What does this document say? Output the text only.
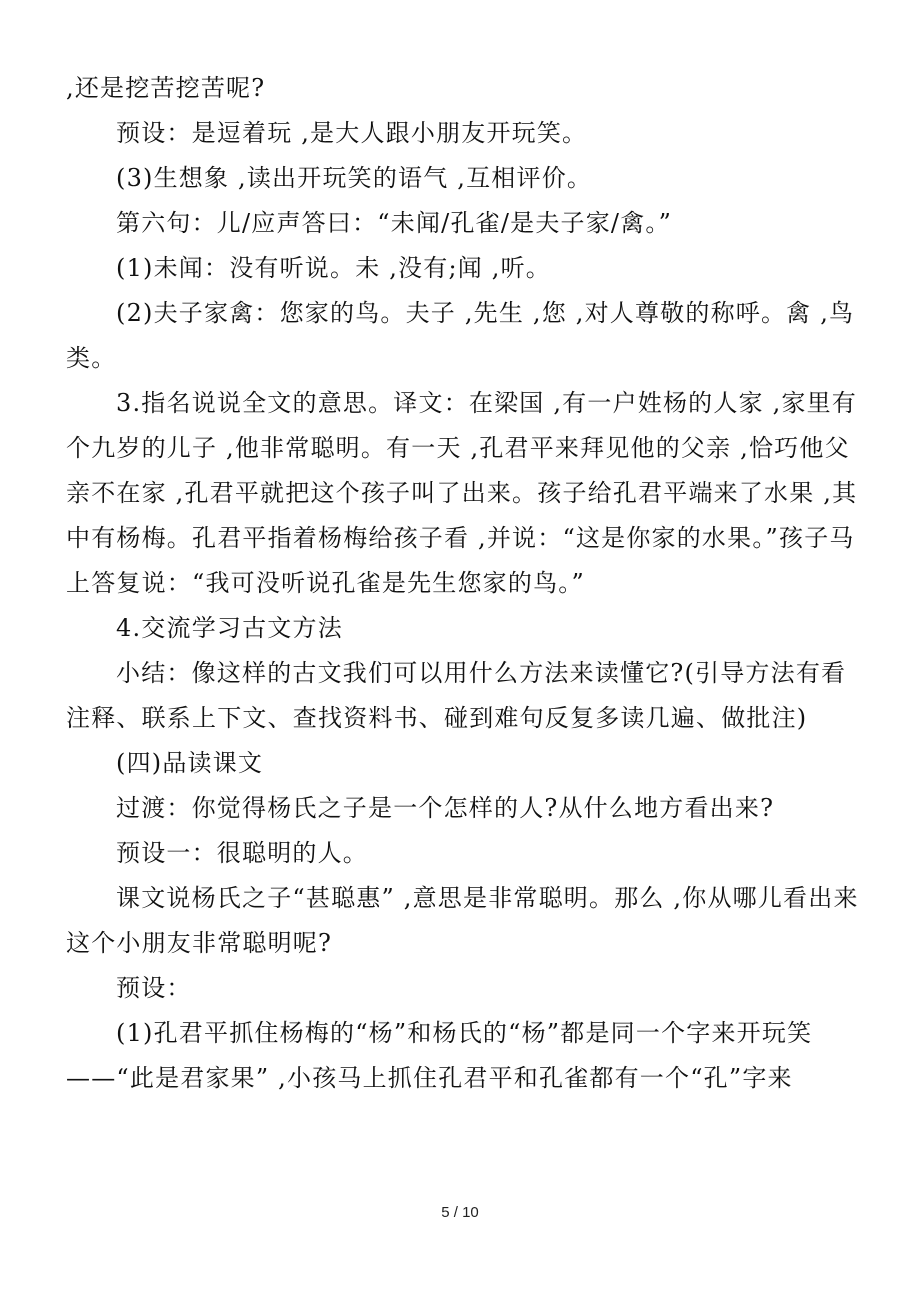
,还是挖苦挖苦呢?

预设：是逗着玩 ,是大人跟小朋友开玩笑。

(3)生想象 ,读出开玩笑的语气 ,互相评价。

第六句：儿/应声答曰：“未闻/孔雀/是夫子家/禽。”

(1)未闻：没有听说。未 ,没有;闻 ,听。

(2)夫子家禽：您家的鸟。夫子 ,先生 ,您 ,对人尊敬的称呼。禽 ,鸟类。

3.指名说说全文的意思。译文：在梁国 ,有一户姓杨的人家 ,家里有个九岁的儿子 ,他非常聪明。有一天 ,孔君平来拜见他的父亲 ,恰巧他父亲不在家 ,孔君平就把这个孩子叫了出来。孩子给孔君平端来了水果 ,其中有杨梅。孔君平指着杨梅给孩子看 ,并说：“这是你家的水果。”孩子马上答复说：“我可没听说孔雀是先生您家的鸟。”

4.交流学习古文方法

小结：像这样的古文我们可以用什么方法来读懂它?(引导方法有看注释、联系上下文、查找资料书、碰到难句反复多读几遍、做批注)

(四)品读课文

过渡：你觉得杨氏之子是一个怎样的人?从什么地方看出来?

预设一：很聪明的人。

课文说杨氏之子“甚聪惠” ,意思是非常聪明。那么 ,你从哪儿看出来这个小朋友非常聪明呢?

预设：

(1)孔君平抓住杨梅的“杨”和杨氏的“杨”都是同一个字来开玩笑——“此是君家果” ,小孩马上抓住孔君平和孔雀都有一个“孔”字来

5 / 10
